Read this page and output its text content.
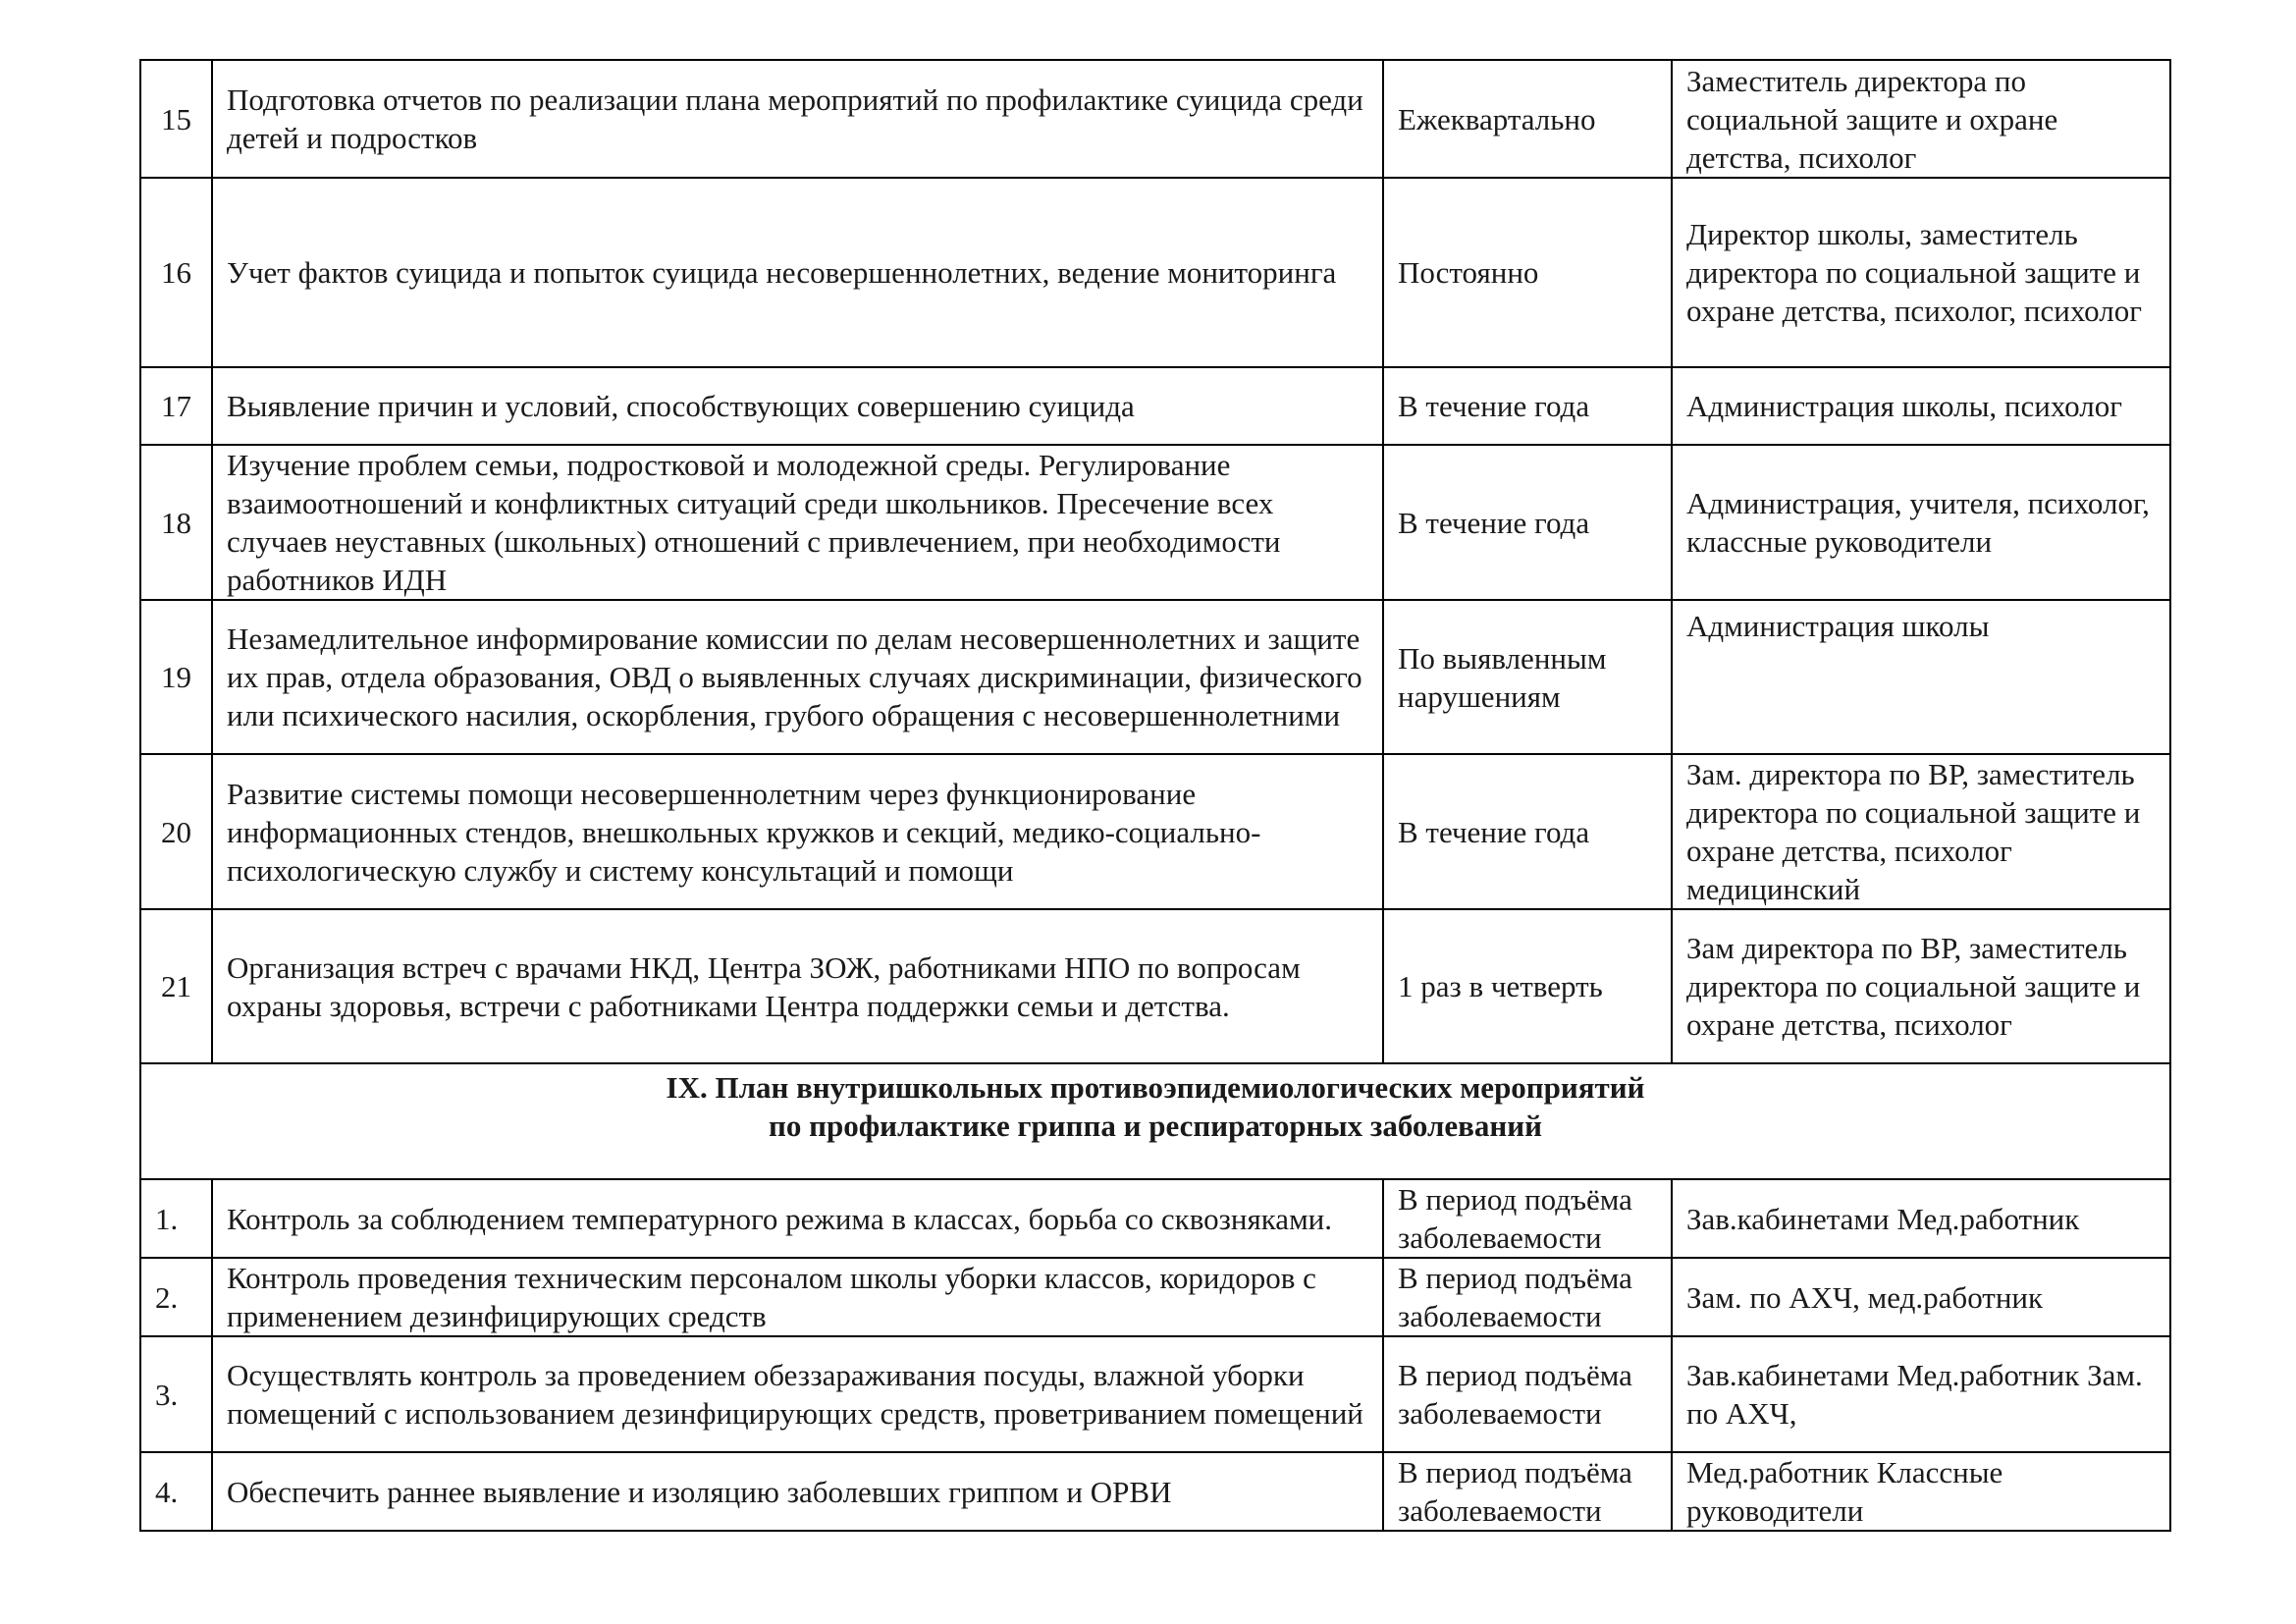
15	Подготовка отчетов по реализации плана мероприятий по профилактике суицида среди детей и подростков	Ежеквартально	Заместитель директора по социальной защите и охране детства, психолог
16	Учет фактов суицида и попыток суицида несовершеннолетних, ведение мониторинга	Постоянно	Директор школы, заместитель директора по социальной защите и охране детства, психолог, психолог
17	Выявление причин и условий, способствующих совершению суицида	В течение года	Администрация школы, психолог
18	Изучение проблем семьи, подростковой и молодежной среды. Регулирование взаимоотношений и конфликтных ситуаций среди школьников. Пресечение всех случаев неуставных (школьных) отношений с привлечением, при необходимости работников ИДН	В течение года	Администрация, учителя, психолог, классные руководители
19	Незамедлительное информирование комиссии по делам несовершеннолетних и защите их прав, отдела образования, ОВД о выявленных случаях дискриминации, физического или психического насилия, оскорбления, грубого обращения с несовершеннолетними	По выявленным нарушениям	Администрация школы
20	Развитие системы помощи несовершеннолетним через функционирование информационных стендов, внешкольных кружков и секций, медико-социально-психологическую службу и систему консультаций и помощи	В течение года	Зам. директора по ВР, заместитель директора по социальной защите и охране детства, психолог медицинский
21	Организация встреч с врачами НКД, Центра ЗОЖ, работниками НПО по вопросам охраны здоровья, встречи с работниками Центра поддержки семьи и детства.	1 раз в четверть	Зам директора по ВР, заместитель директора по социальной защите и охране детства, психолог

IX. План внутришкольных противоэпидемиологических мероприятий
по профилактике гриппа и респираторных заболеваний			

1.	Контроль за соблюдением температурного режима в классах, борьба со сквозняками.	В период подъёма заболеваемости	Зав.кабинетами Мед.работник
2.	Контроль проведения техническим персоналом школы уборки классов, коридоров с применением дезинфицирующих средств	В период подъёма заболеваемости	Зам. по АХЧ, мед.работник
3.	Осуществлять контроль за проведением обеззараживания посуды, влажной уборки помещений с использованием дезинфицирующих средств, проветриванием помещений	В период подъёма заболеваемости	Зав.кабинетами Мед.работник Зам. по АХЧ,
4.	Обеспечить раннее выявление и изоляцию заболевших гриппом и ОРВИ	В период подъёма заболеваемости	Мед.работник Классные руководители
